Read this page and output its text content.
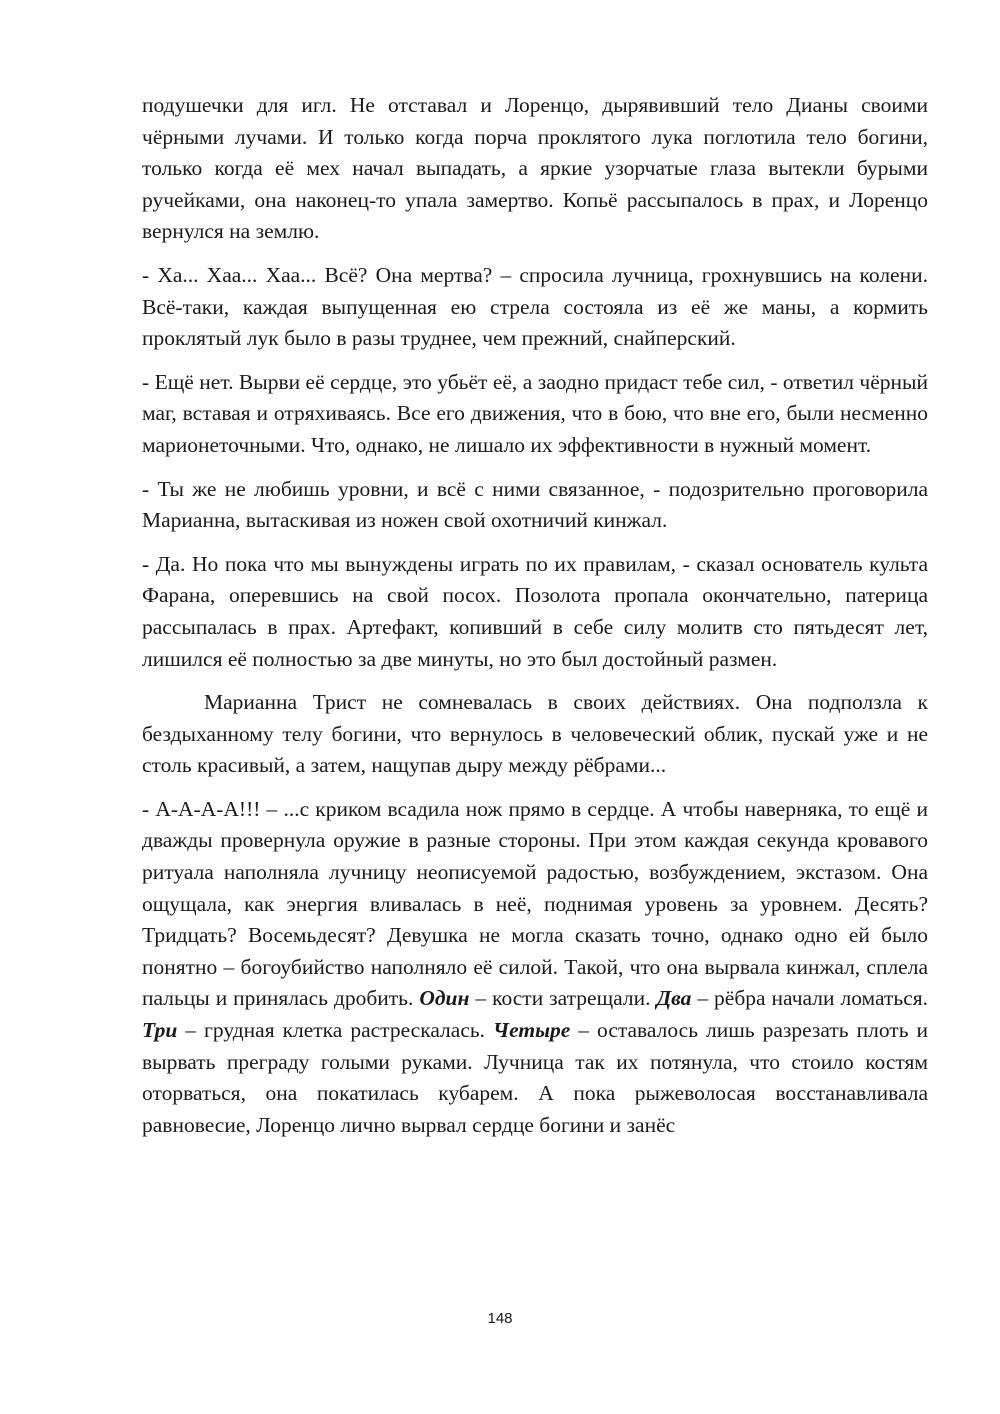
подушечки для игл. Не отставал и Лоренцо, дырявивший тело Дианы своими чёрными лучами. И только когда порча проклятого лука поглотила тело богини, только когда её мех начал выпадать, а яркие узорчатые глаза вытекли бурыми ручейками, она наконец-то упала замертво. Копьё рассыпалось в прах, и Лоренцо вернулся на землю.

- Ха... Хаа... Хаа... Всё? Она мертва? – спросила лучница, грохнувшись на колени. Всё-таки, каждая выпущенная ею стрела состояла из её же маны, а кормить проклятый лук было в разы труднее, чем прежний, снайперский.

- Ещё нет. Вырви её сердце, это убьёт её, а заодно придаст тебе сил, - ответил чёрный маг, вставая и отряхиваясь. Все его движения, что в бою, что вне его, были несменно марионеточными. Что, однако, не лишало их эффективности в нужный момент.

- Ты же не любишь уровни, и всё с ними связанное, - подозрительно проговорила Марианна, вытаскивая из ножен свой охотничий кинжал.

- Да. Но пока что мы вынуждены играть по их правилам, - сказал основатель культа Фарана, оперевшись на свой посох. Позолота пропала окончательно, патерица рассыпалась в прах. Артефакт, копивший в себе силу молитв сто пятьдесят лет, лишился её полностью за две минуты, но это был достойный размен.

Марианна Трист не сомневалась в своих действиях. Она подползла к бездыханному телу богини, что вернулось в человеческий облик, пускай уже и не столь красивый, а затем, нащупав дыру между рёбрами...

- А-А-А-А!!! – ...с криком всадила нож прямо в сердце. А чтобы наверняка, то ещё и дважды провернула оружие в разные стороны. При этом каждая секунда кровавого ритуала наполняла лучницу неописуемой радостью, возбуждением, экстазом. Она ощущала, как энергия вливалась в неё, поднимая уровень за уровнем. Десять? Тридцать? Восемьдесят? Девушка не могла сказать точно, однако одно ей было понятно – богоубийство наполняло её силой. Такой, что она вырвала кинжал, сплела пальцы и принялась дробить. Один – кости затрещали. Два – рёбра начали ломаться. Три – грудная клетка растрескалась. Четыре – оставалось лишь разрезать плоть и вырвать преграду голыми руками. Лучница так их потянула, что стоило костям оторваться, она покатилась кубарем. А пока рыжеволосая восстанавливала равновесие, Лоренцо лично вырвал сердце богини и занёс

148
